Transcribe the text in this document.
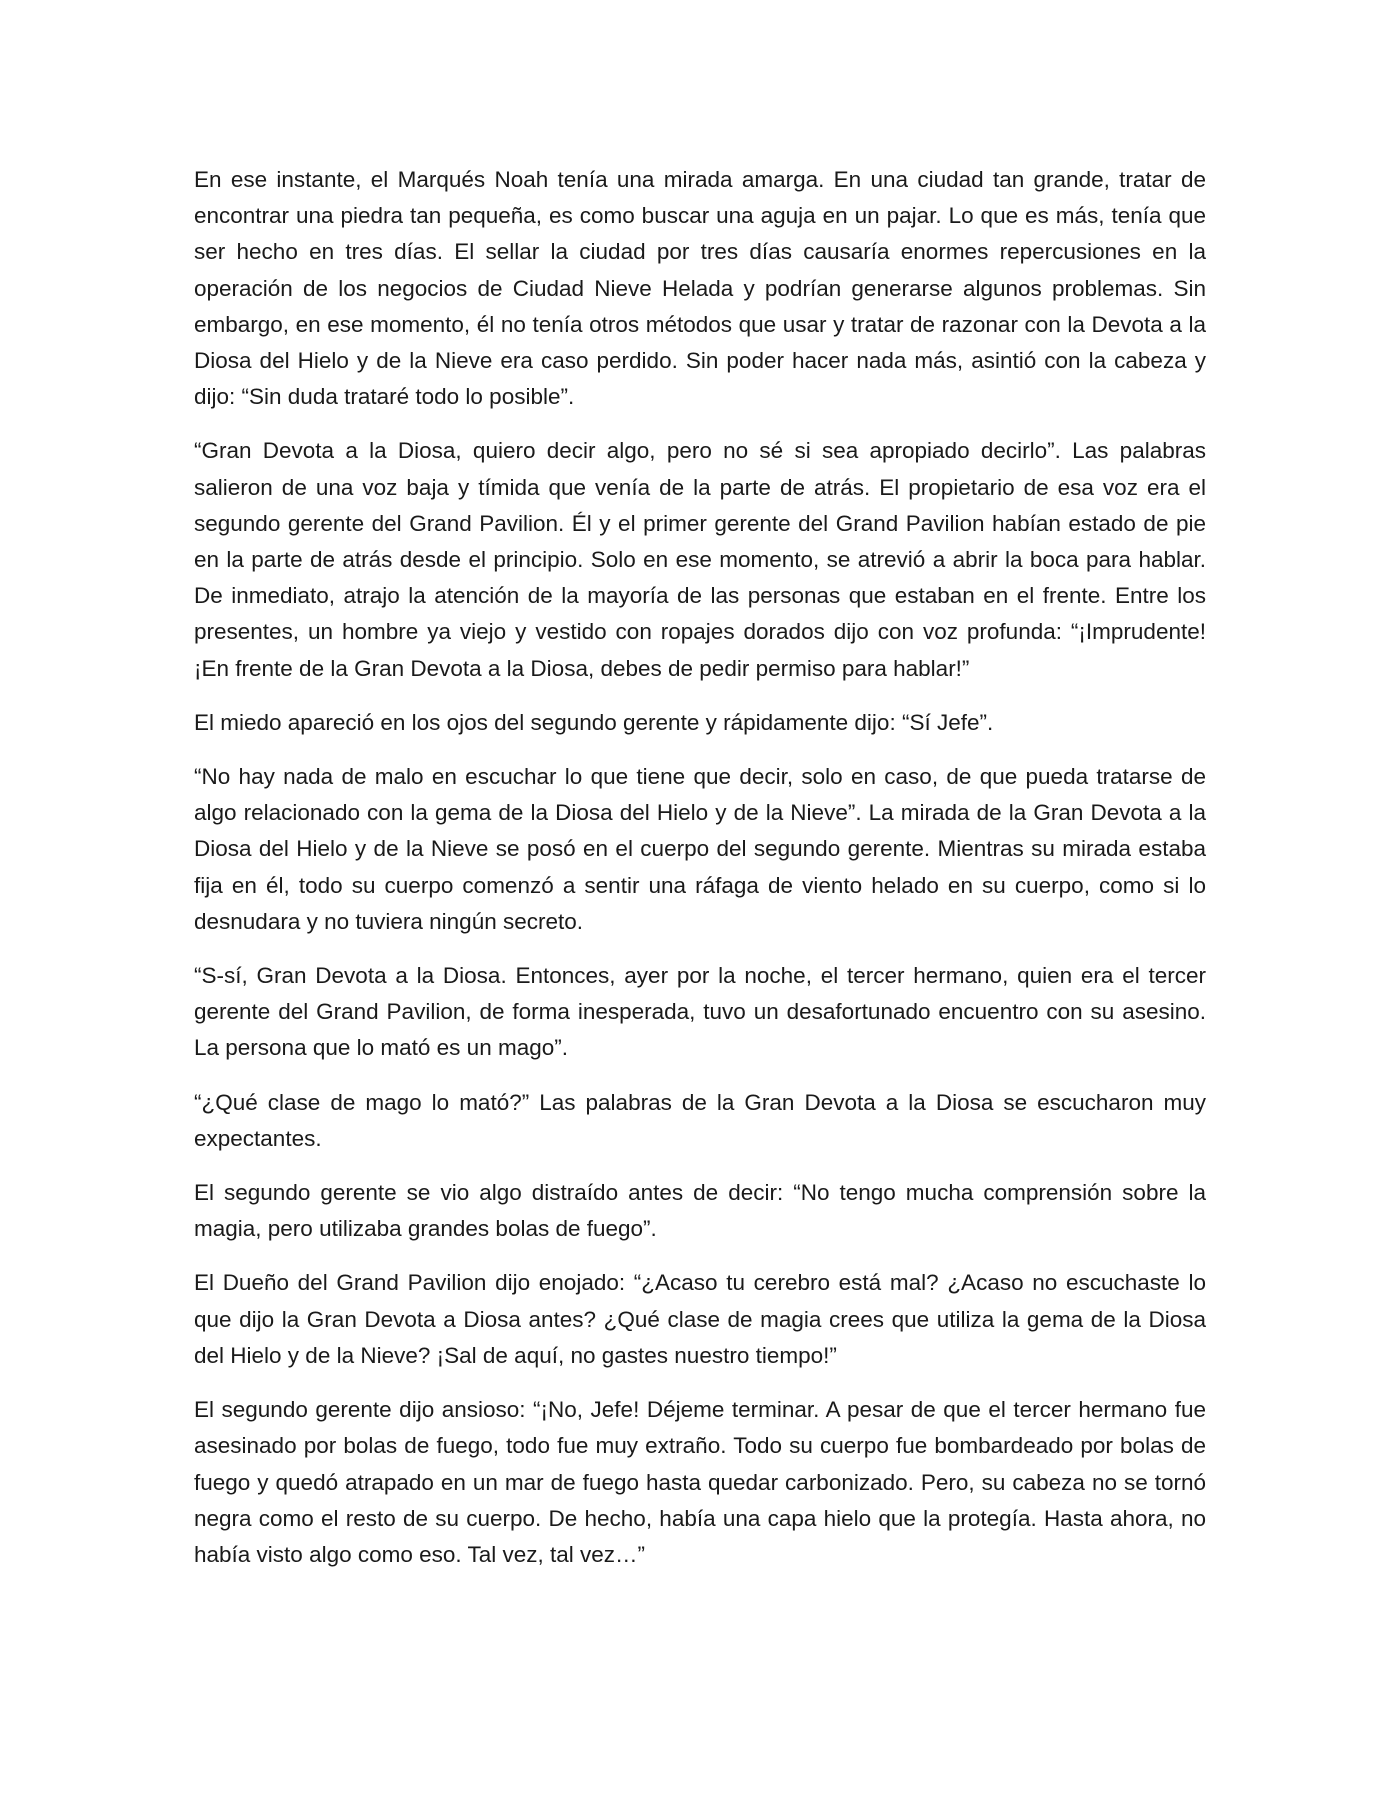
En ese instante, el Marqués Noah tenía una mirada amarga. En una ciudad tan grande, tratar de encontrar una piedra tan pequeña, es como buscar una aguja en un pajar. Lo que es más, tenía que ser hecho en tres días. El sellar la ciudad por tres días causaría enormes repercusiones en la operación de los negocios de Ciudad Nieve Helada y podrían generarse algunos problemas. Sin embargo, en ese momento, él no tenía otros métodos que usar y tratar de razonar con la Devota a la Diosa del Hielo y de la Nieve era caso perdido. Sin poder hacer nada más, asintió con la cabeza y dijo: “Sin duda trataré todo lo posible”.

“Gran Devota a la Diosa, quiero decir algo, pero no sé si sea apropiado decirlo”. Las palabras salieron de una voz baja y tímida que venía de la parte de atrás. El propietario de esa voz era el segundo gerente del Grand Pavilion. Él y el primer gerente del Grand Pavilion habían estado de pie en la parte de atrás desde el principio. Solo en ese momento, se atrevió a abrir la boca para hablar. De inmediato, atrajo la atención de la mayoría de las personas que estaban en el frente. Entre los presentes, un hombre ya viejo y vestido con ropajes dorados dijo con voz profunda: “¡Imprudente! ¡En frente de la Gran Devota a la Diosa, debes de pedir permiso para hablar!”

El miedo apareció en los ojos del segundo gerente y rápidamente dijo: “Sí Jefe”.

“No hay nada de malo en escuchar lo que tiene que decir, solo en caso, de que pueda tratarse de algo relacionado con la gema de la Diosa del Hielo y de la Nieve”. La mirada de la Gran Devota a la Diosa del Hielo y de la Nieve se posó en el cuerpo del segundo gerente. Mientras su mirada estaba fija en él, todo su cuerpo comenzó a sentir una ráfaga de viento helado en su cuerpo, como si lo desnudara y no tuviera ningún secreto.

“S-sí, Gran Devota a la Diosa. Entonces, ayer por la noche, el tercer hermano, quien era el tercer gerente del Grand Pavilion, de forma inesperada, tuvo un desafortunado encuentro con su asesino. La persona que lo mató es un mago”.

“¿Qué clase de mago lo mató?” Las palabras de la Gran Devota a la Diosa se escucharon muy expectantes.

El segundo gerente se vio algo distraído antes de decir: “No tengo mucha comprensión sobre la magia, pero utilizaba grandes bolas de fuego”.

El Dueño del Grand Pavilion dijo enojado: “¿Acaso tu cerebro está mal? ¿Acaso no escuchaste lo que dijo la Gran Devota a Diosa antes? ¿Qué clase de magia crees que utiliza la gema de la Diosa del Hielo y de la Nieve? ¡Sal de aquí, no gastes nuestro tiempo!”

El segundo gerente dijo ansioso: “¡No, Jefe! Déjeme terminar. A pesar de que el tercer hermano fue asesinado por bolas de fuego, todo fue muy extraño. Todo su cuerpo fue bombardeado por bolas de fuego y quedó atrapado en un mar de fuego hasta quedar carbonizado. Pero, su cabeza no se tornó negra como el resto de su cuerpo. De hecho, había una capa hielo que la protegía. Hasta ahora, no había visto algo como eso. Tal vez, tal vez…”
